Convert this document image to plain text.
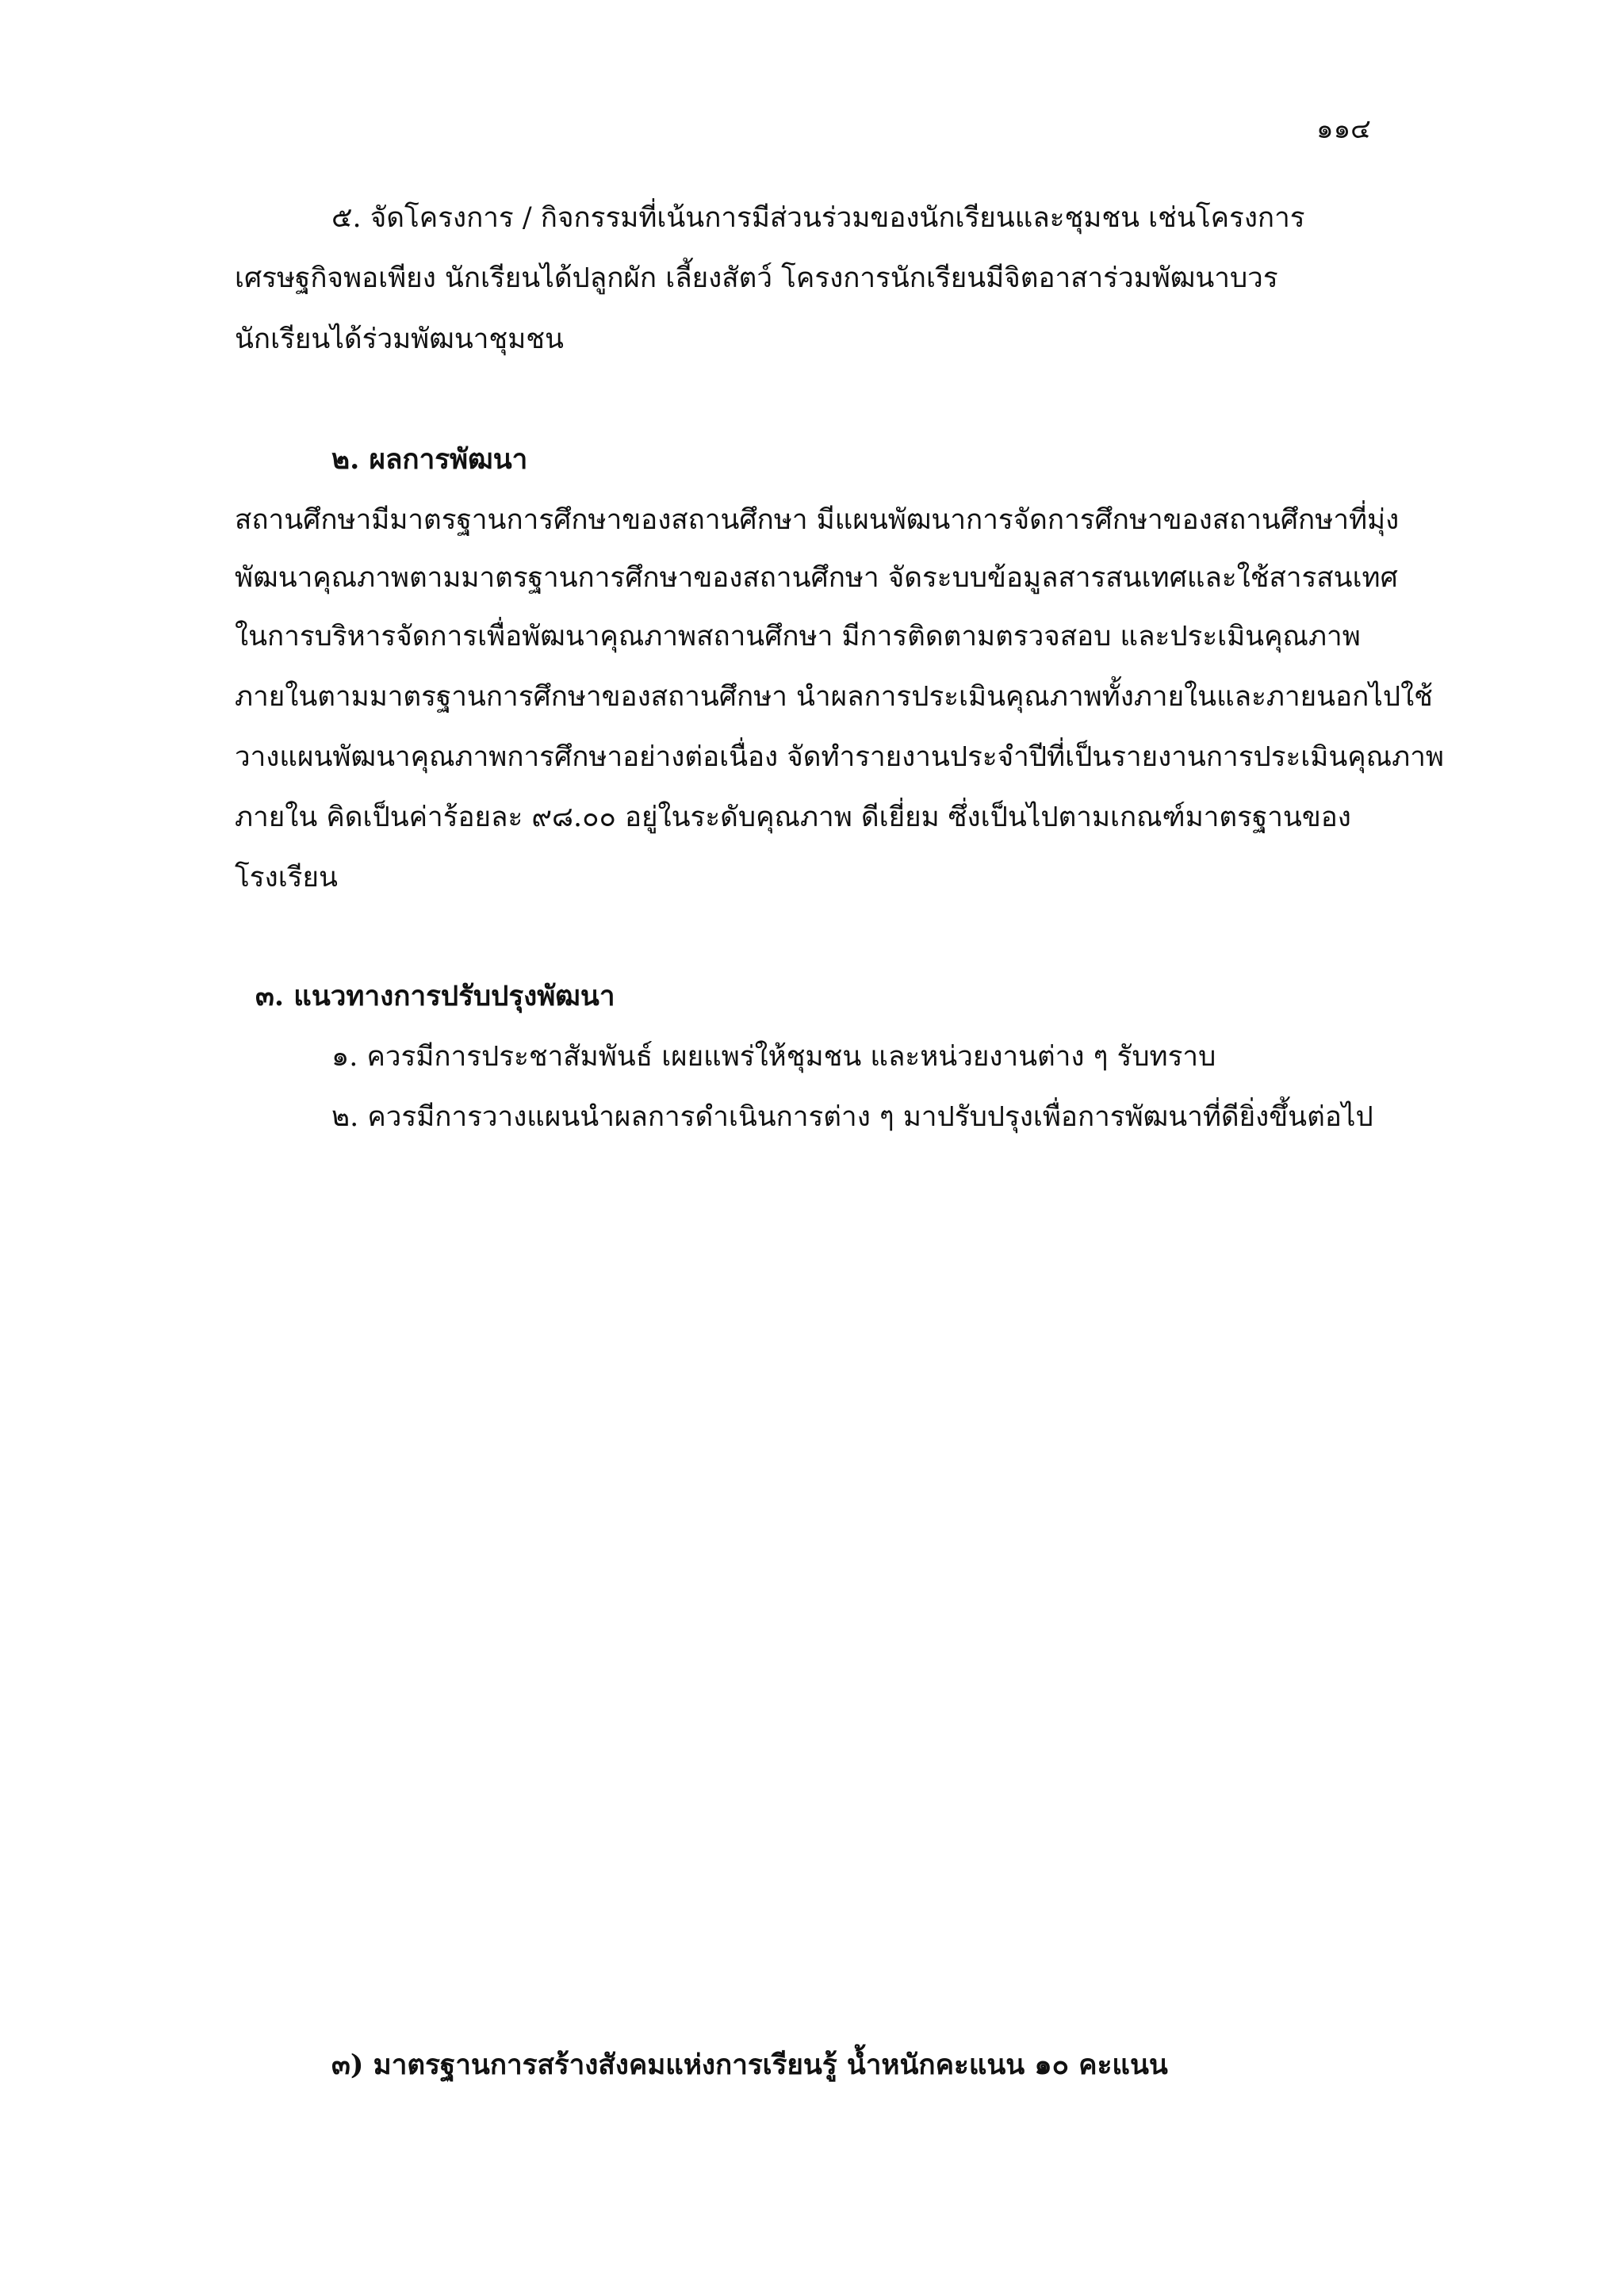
๑๑๔
๕. จัดโครงการ / กิจกรรมที่เน้นการมีส่วนร่วมของนักเรียนและชุมชน เช่นโครงการ
เศรษฐกิจพอเพียง นักเรียนได้ปลูกผัก เลี้ยงสัตว์ โครงการนักเรียนมีจิตอาสาร่วมพัฒนาบวร
นักเรียนได้ร่วมพัฒนาชุมชน
๒. ผลการพัฒนา
สถานศึกษามีมาตรฐานการศึกษาของสถานศึกษา มีแผนพัฒนาการจัดการศึกษาของสถานศึกษาที่มุ่ง
พัฒนาคุณภาพตามมาตรฐานการศึกษาของสถานศึกษา จัดระบบข้อมูลสารสนเทศและใช้สารสนเทศ
ในการบริหารจัดการเพื่อพัฒนาคุณภาพสถานศึกษา มีการติดตามตรวจสอบ และประเมินคุณภาพ
ภายในตามมาตรฐานการศึกษาของสถานศึกษา นำผลการประเมินคุณภาพทั้งภายในและภายนอกไปใช้
วางแผนพัฒนาคุณภาพการศึกษาอย่างต่อเนื่อง จัดทำรายงานประจำปีที่เป็นรายงานการประเมินคุณภาพ
ภายใน คิดเป็นค่าร้อยละ ๙๘.๐๐ อยู่ในระดับคุณภาพ ดีเยี่ยม ซึ่งเป็นไปตามเกณฑ์มาตรฐานของ
โรงเรียน
๓. แนวทางการปรับปรุงพัฒนา
๑. ควรมีการประชาสัมพันธ์ เผยแพร่ให้ชุมชน และหน่วยงานต่าง ๆ รับทราบ
๒. ควรมีการวางแผนนำผลการดำเนินการต่าง ๆ มาปรับปรุงเพื่อการพัฒนาที่ดียิ่งขึ้นต่อไป
๓) มาตรฐานการสร้างสังคมแห่งการเรียนรู้ น้ำหนักคะแนน ๑๐ คะแนน
